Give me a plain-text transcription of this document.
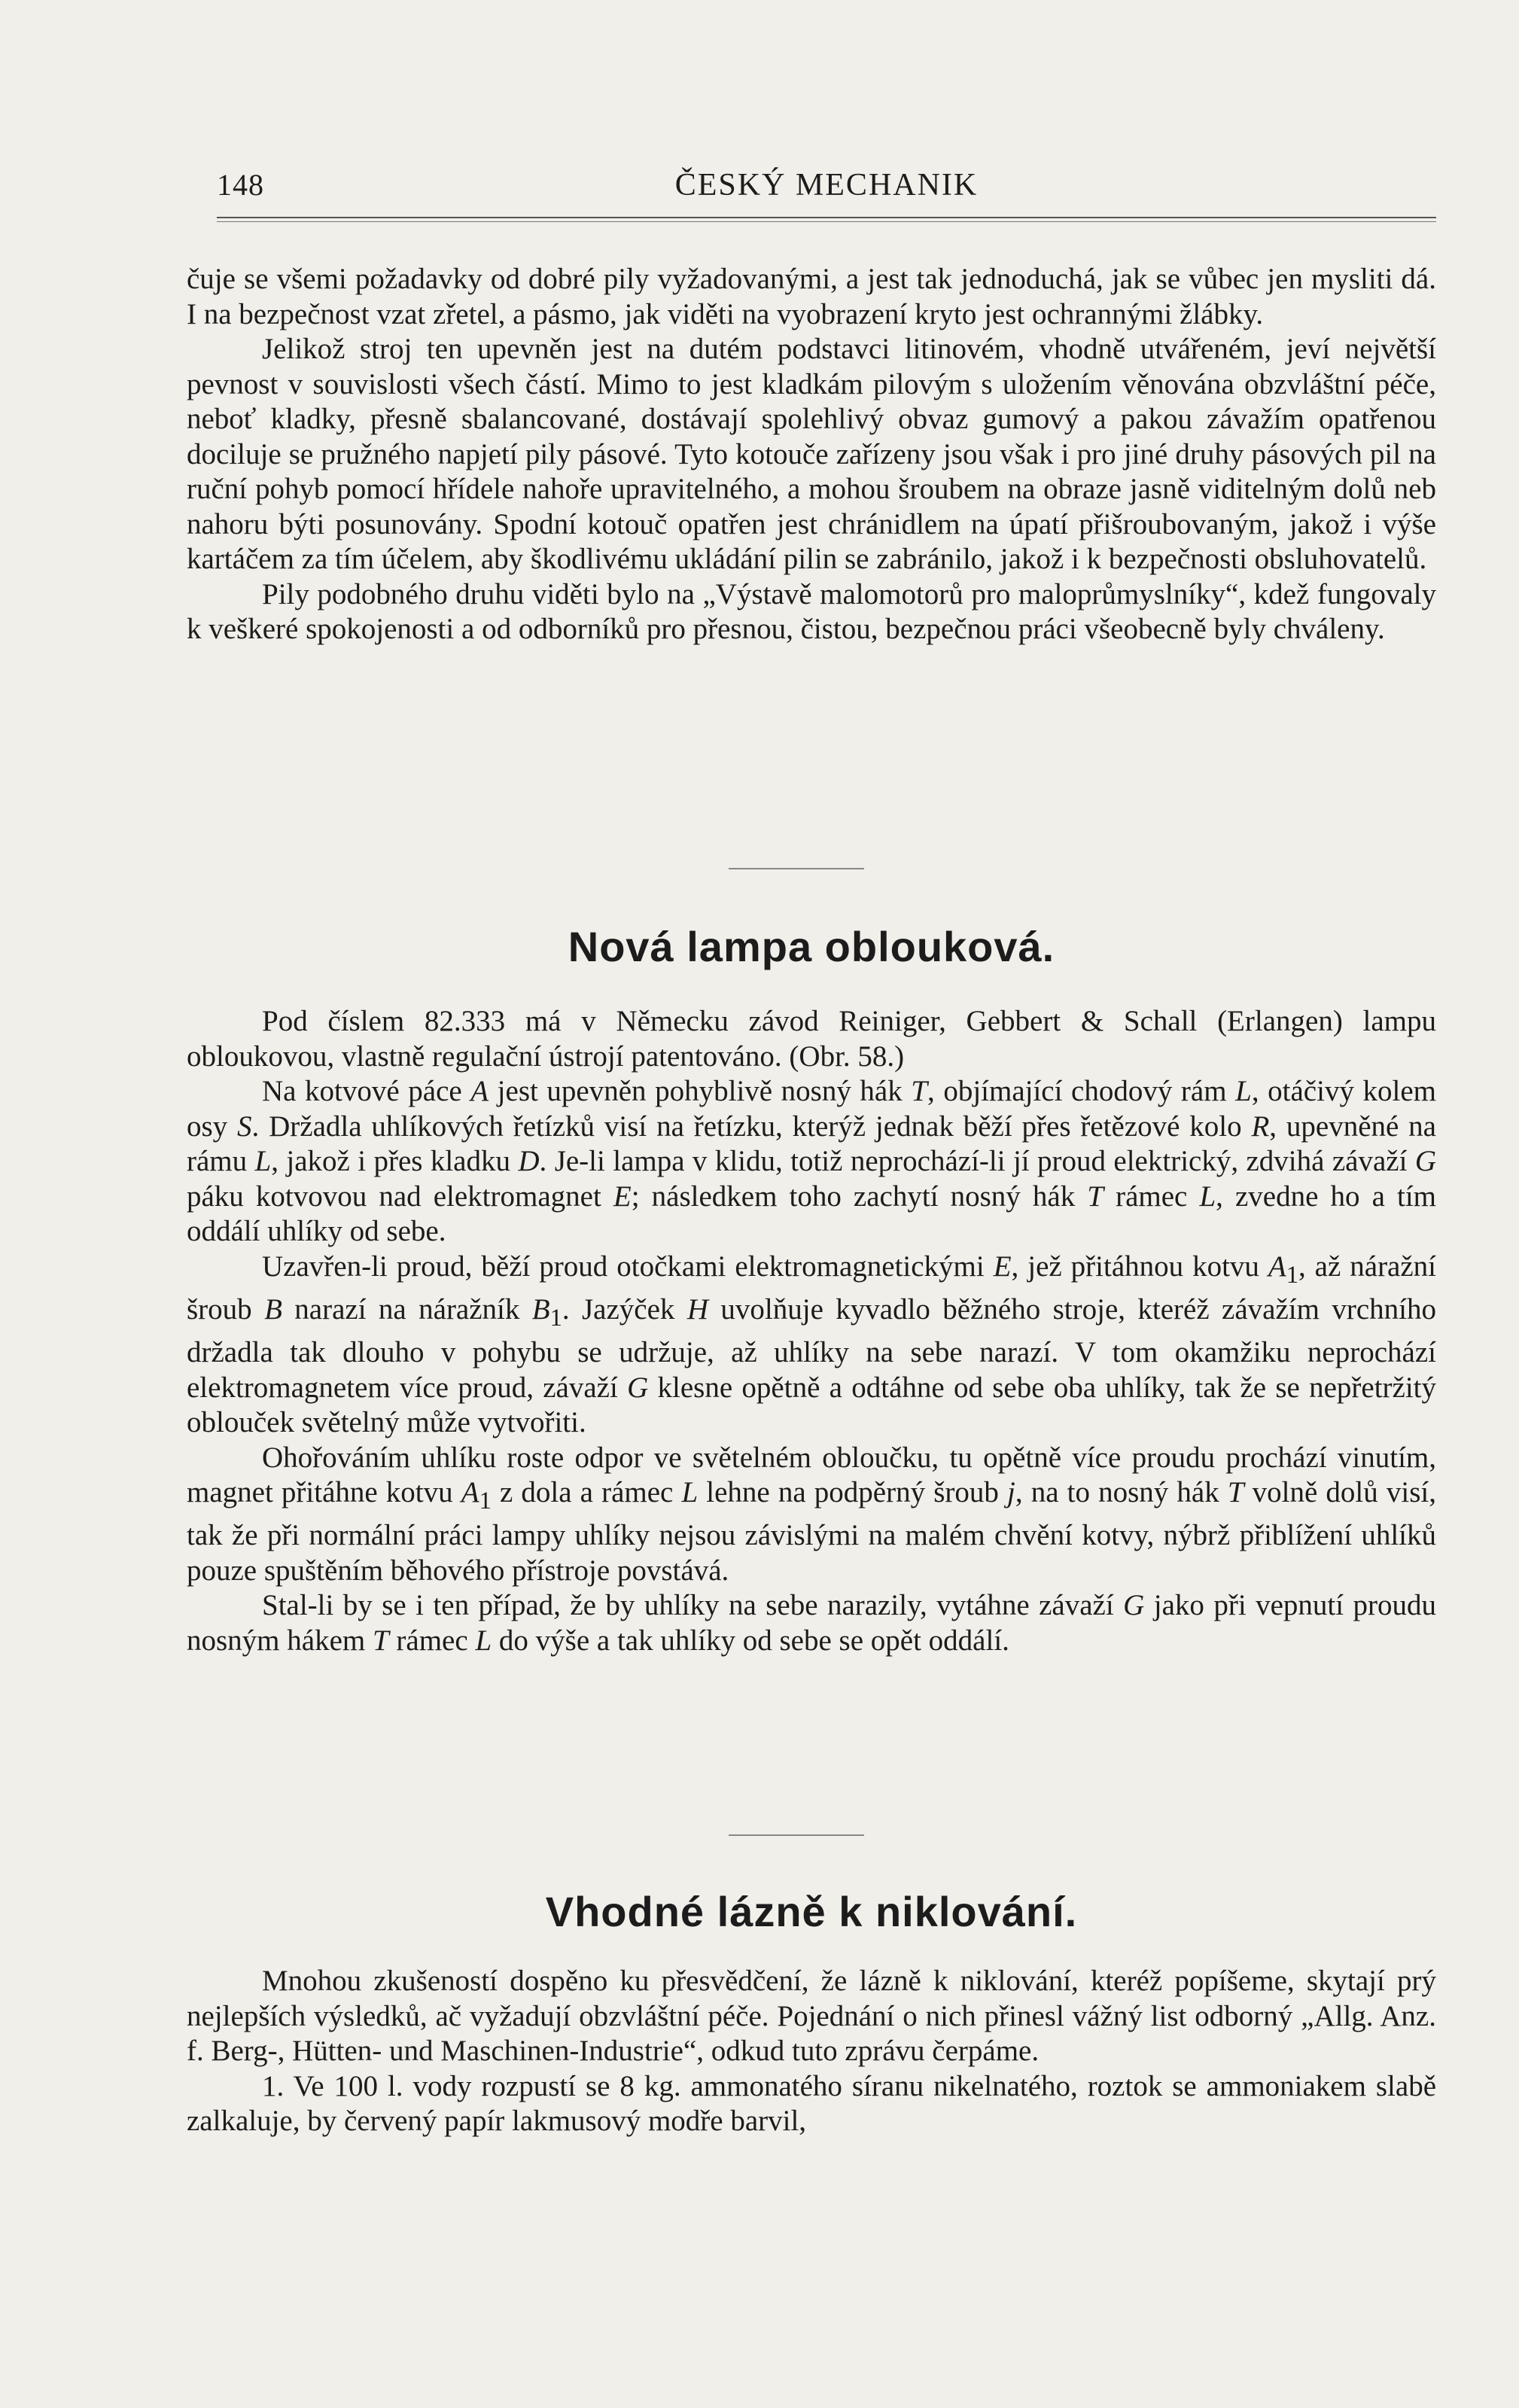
148	ČESKÝ MECHANIK

čuje se všemi požadavky od dobré pily vyžadovanými, a jest tak jednoduchá, jak se vůbec jen mysliti dá. I na bezpečnost vzat zřetel, a pásmo, jak viděti na vyobrazení kryto jest ochrannými žlábky.

Jelikož stroj ten upevněn jest na dutém podstavci litinovém, vhodně utvářeném, jeví největší pevnost v souvislosti všech částí. Mimo to jest kladkám pilovým s uložením věnována obzvláštní péče, neboť kladky, přesně sbalancované, dostávají spolehlivý obvaz gumový a pakou závažím opatřenou dociluje se pružného napjetí pily pásové. Tyto kotouče zařízeny jsou však i pro jiné druhy pásových pil na ruční pohyb pomocí hřídele nahoře upravitelného, a mohou šroubem na obraze jasně viditelným dolů neb nahoru býti posunovány. Spodní kotouč opatřen jest chránidlem na úpatí přišroubovaným, jakož i výše kartáčem za tím účelem, aby škodlivému ukládání pilin se zabránilo, jakož i k bezpečnosti obsluhovatelů.

Pily podobného druhu viděti bylo na „Výstavě malomotorů pro maloprůmyslníky“, kdež fungovaly k veškeré spokojenosti a od odborníků pro přesnou, čistou, bezpečnou práci všeobecně byly chváleny.

Nová lampa oblouková.

Pod číslem 82.333 má v Německu závod Reiniger, Gebbert & Schall (Erlangen) lampu obloukovou, vlastně regulační ústrojí patentováno. (Obr. 58.)

Na kotvové páce A jest upevněn pohyblivě nosný hák T, objímající chodový rám L, otáčivý kolem osy S. Držadla uhlíkových řetízků visí na řetízku, kterýž jednak běží přes řetězové kolo R, upevněné na rámu L, jakož i přes kladku D. Je-li lampa v klidu, totiž neprochází-li jí proud elektrický, zdvihá závaží G páku kotvovou nad elektromagnet E; následkem toho zachytí nosný hák T rámec L, zvedne ho a tím oddálí uhlíky od sebe.

Uzavřen-li proud, běží proud otočkami elektromagnetickými E, jež přitáhnou kotvu $A_1$, až náražní šroub B narazí na náražník $B_1$. Jazýček H uvolňuje kyvadlo běžného stroje, kteréž závažím vrchního držadla tak dlouho v pohybu se udržuje, až uhlíky na sebe narazí. V tom okamžiku neprochází elektromagnetem více proud, závaží G klesne opětně a odtáhne od sebe oba uhlíky, tak že se nepřetržitý oblouček světelný může vytvořiti.

Ohořováním uhlíku roste odpor ve světelném obloučku, tu opětně více proudu prochází vinutím, magnet přitáhne kotvu $A_1$ z dola a rámec L lehne na podpěrný šroub j, na to nosný hák T volně dolů visí, tak že při normální práci lampy uhlíky nejsou závislými na malém chvění kotvy, nýbrž přiblížení uhlíků pouze spuštěním běhového přístroje povstává.

Stal-li by se i ten případ, že by uhlíky na sebe narazily, vytáhne závaží G jako při vepnutí proudu nosným hákem T rámec L do výše a tak uhlíky od sebe se opět oddálí.

Vhodné lázně k niklování.

Mnohou zkušeností dospěno ku přesvědčení, že lázně k niklování, kteréž popíšeme, skytají prý nejlepších výsledků, ač vyžadují obzvláštní péče. Pojednání o nich přinesl vážný list odborný „Allg. Anz. f. Berg-, Hütten- und Maschinen-Industrie“, odkud tuto zprávu čerpáme.

1. Ve 100 l. vody rozpustí se 8 kg. ammonatého síranu nikelnatého, roztok se ammoniakem slabě zalkaluje, by červený papír lakmusový modře barvil,
